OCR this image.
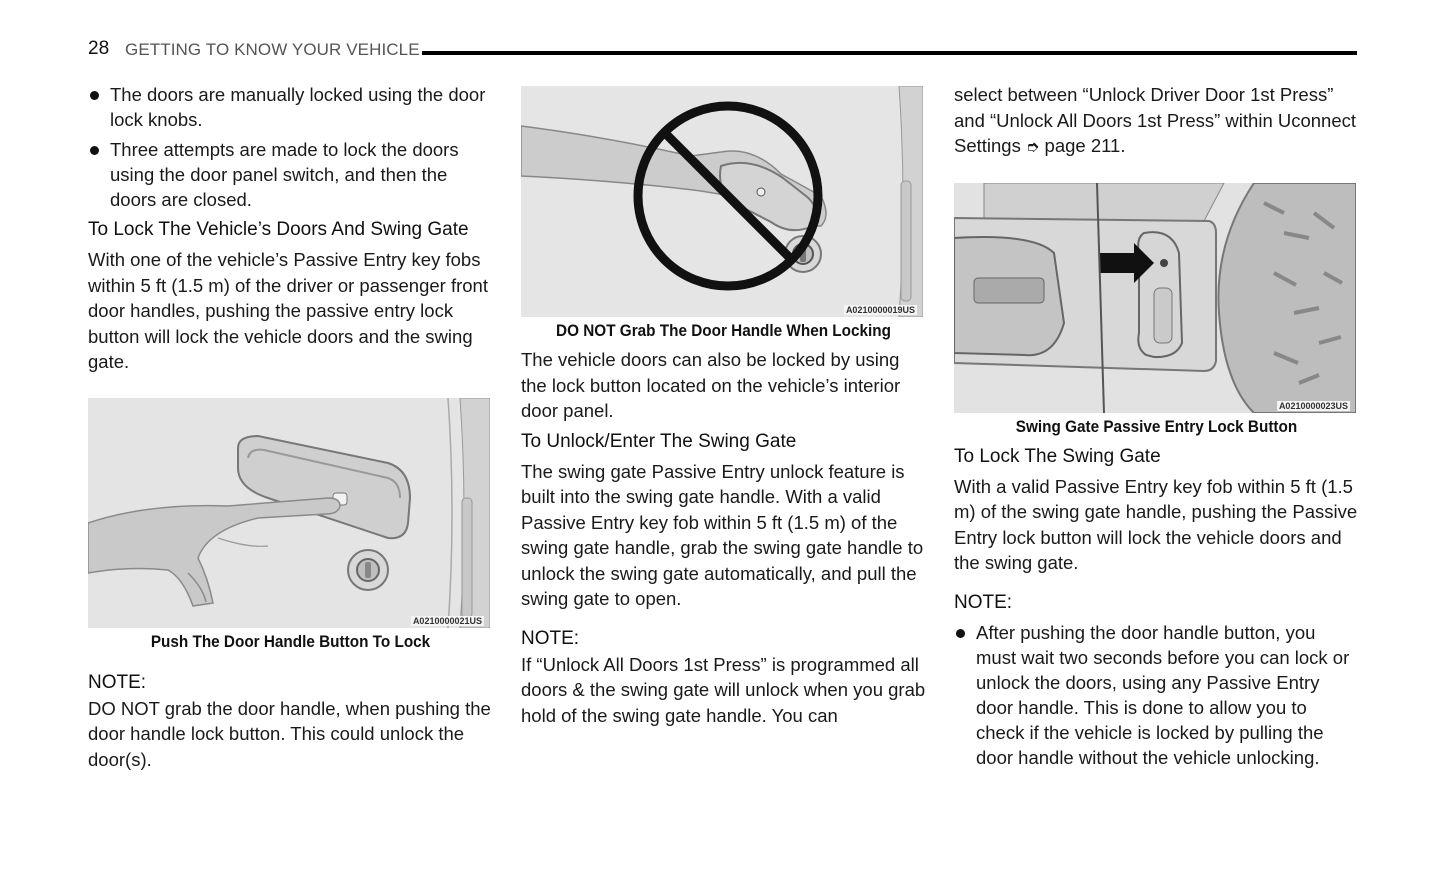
28 GETTING TO KNOW YOUR VEHICLE
The doors are manually locked using the door lock knobs.
Three attempts are made to lock the doors using the door panel switch, and then the doors are closed.
To Lock The Vehicle’s Doors And Swing Gate
With one of the vehicle’s Passive Entry key fobs within 5 ft (1.5 m) of the driver or passenger front door handles, pushing the passive entry lock button will lock the vehicle doors and the swing gate.
A0210000021US
Push The Door Handle Button To Lock
NOTE:
DO NOT grab the door handle, when pushing the door handle lock button. This could unlock the door(s).
A0210000019US
DO NOT Grab The Door Handle When Locking
The vehicle doors can also be locked by using the lock button located on the vehicle’s interior door panel.
To Unlock/Enter The Swing Gate
The swing gate Passive Entry unlock feature is built into the swing gate handle. With a valid Passive Entry key fob within 5 ft (1.5 m) of the swing gate handle, grab the swing gate handle to unlock the swing gate automatically, and pull the swing gate to open.
NOTE:
If “Unlock All Doors 1st Press” is programmed all doors & the swing gate will unlock when you grab hold of the swing gate handle. You can
select between “Unlock Driver Door 1st Press” and “Unlock All Doors 1st Press” within Uconnect Settings ➮ page 211.
A0210000023US
Swing Gate Passive Entry Lock Button
To Lock The Swing Gate
With a valid Passive Entry key fob within 5 ft (1.5 m) of the swing gate handle, pushing the Passive Entry lock button will lock the vehicle doors and the swing gate.
NOTE:
After pushing the door handle button, you must wait two seconds before you can lock or unlock the doors, using any Passive Entry door handle. This is done to allow you to check if the vehicle is locked by pulling the door handle without the vehicle unlocking.
